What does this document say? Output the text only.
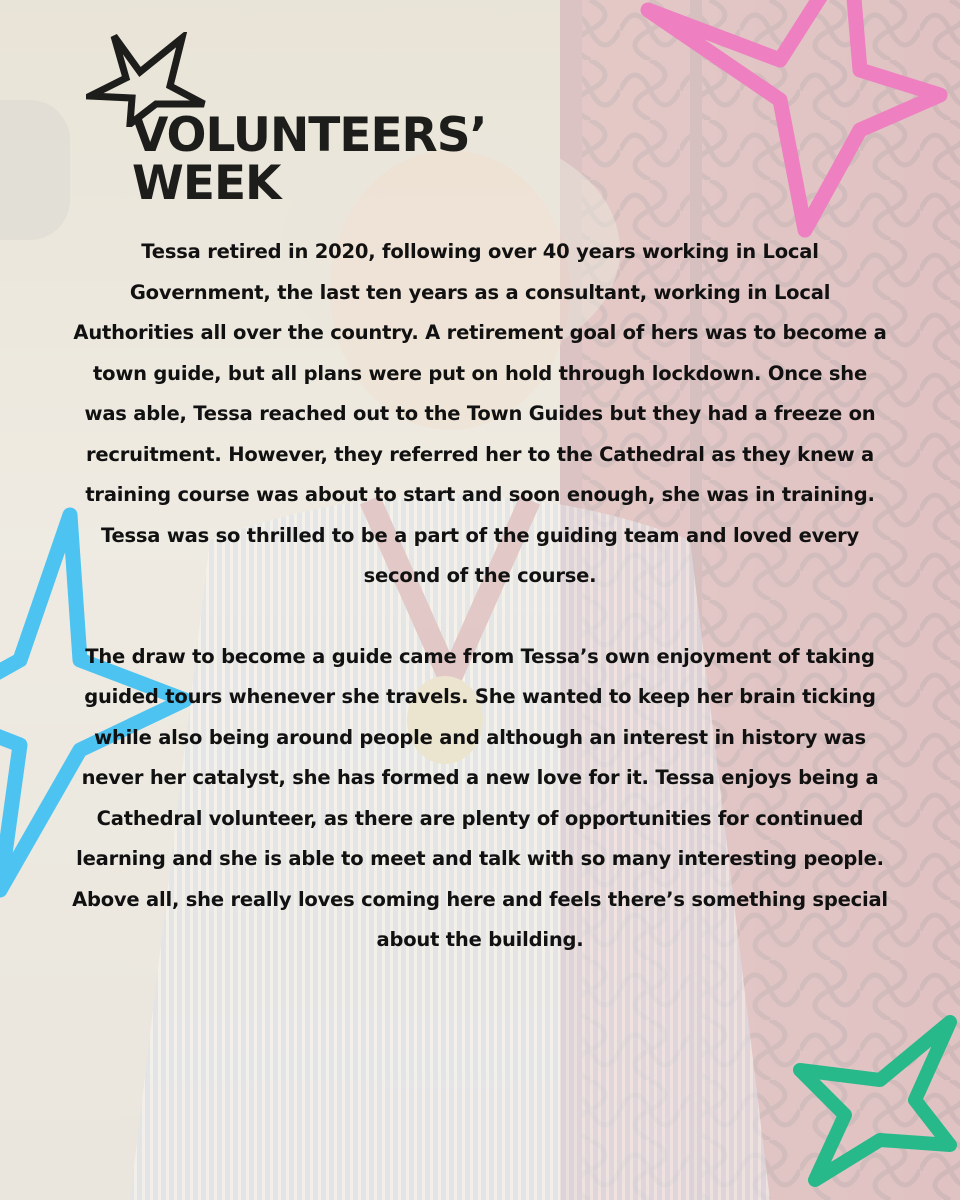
VOLUNTEERS’
WEEK

Tessa retired in 2020, following over 40 years working in Local Government, the last ten years as a consultant, working in Local Authorities all over the country. A retirement goal of hers was to become a town guide, but all plans were put on hold through lockdown. Once she was able, Tessa reached out to the Town Guides but they had a freeze on recruitment. However, they referred her to the Cathedral as they knew a training course was about to start and soon enough, she was in training. Tessa was so thrilled to be a part of the guiding team and loved every second of the course.

The draw to become a guide came from Tessa’s own enjoyment of taking guided tours whenever she travels. She wanted to keep her brain ticking while also being around people and although an interest in history was never her catalyst, she has formed a new love for it. Tessa enjoys being a Cathedral volunteer, as there are plenty of opportunities for continued learning and she is able to meet and talk with so many interesting people. Above all, she really loves coming here and feels there’s something special about the building.
